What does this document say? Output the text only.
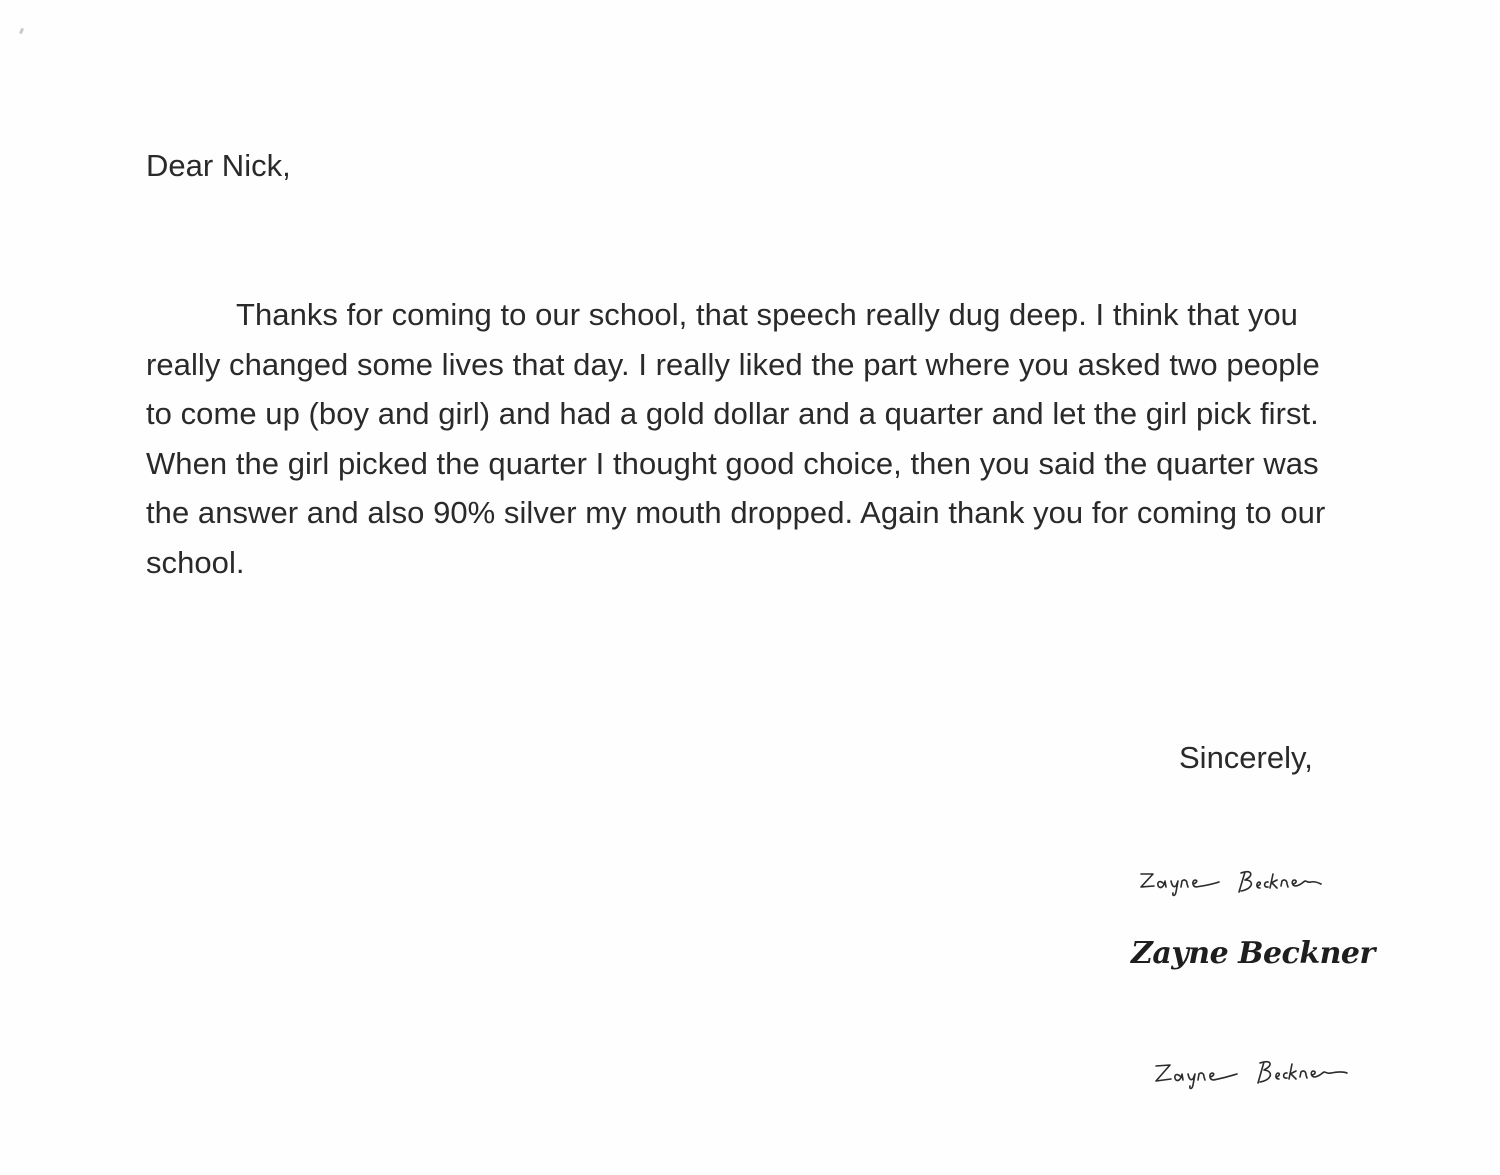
Dear Nick,

Thanks for coming to our school, that speech really dug deep. I think that you really changed some lives that day. I really liked the part where you asked two people to come up (boy and girl) and had a gold dollar and a quarter and let the girl pick first. When the girl picked the quarter I thought good choice, then you said the quarter was the answer and also 90% silver my mouth dropped. Again thank you for coming to our school.

Sincerely,
Zayne Beckner
